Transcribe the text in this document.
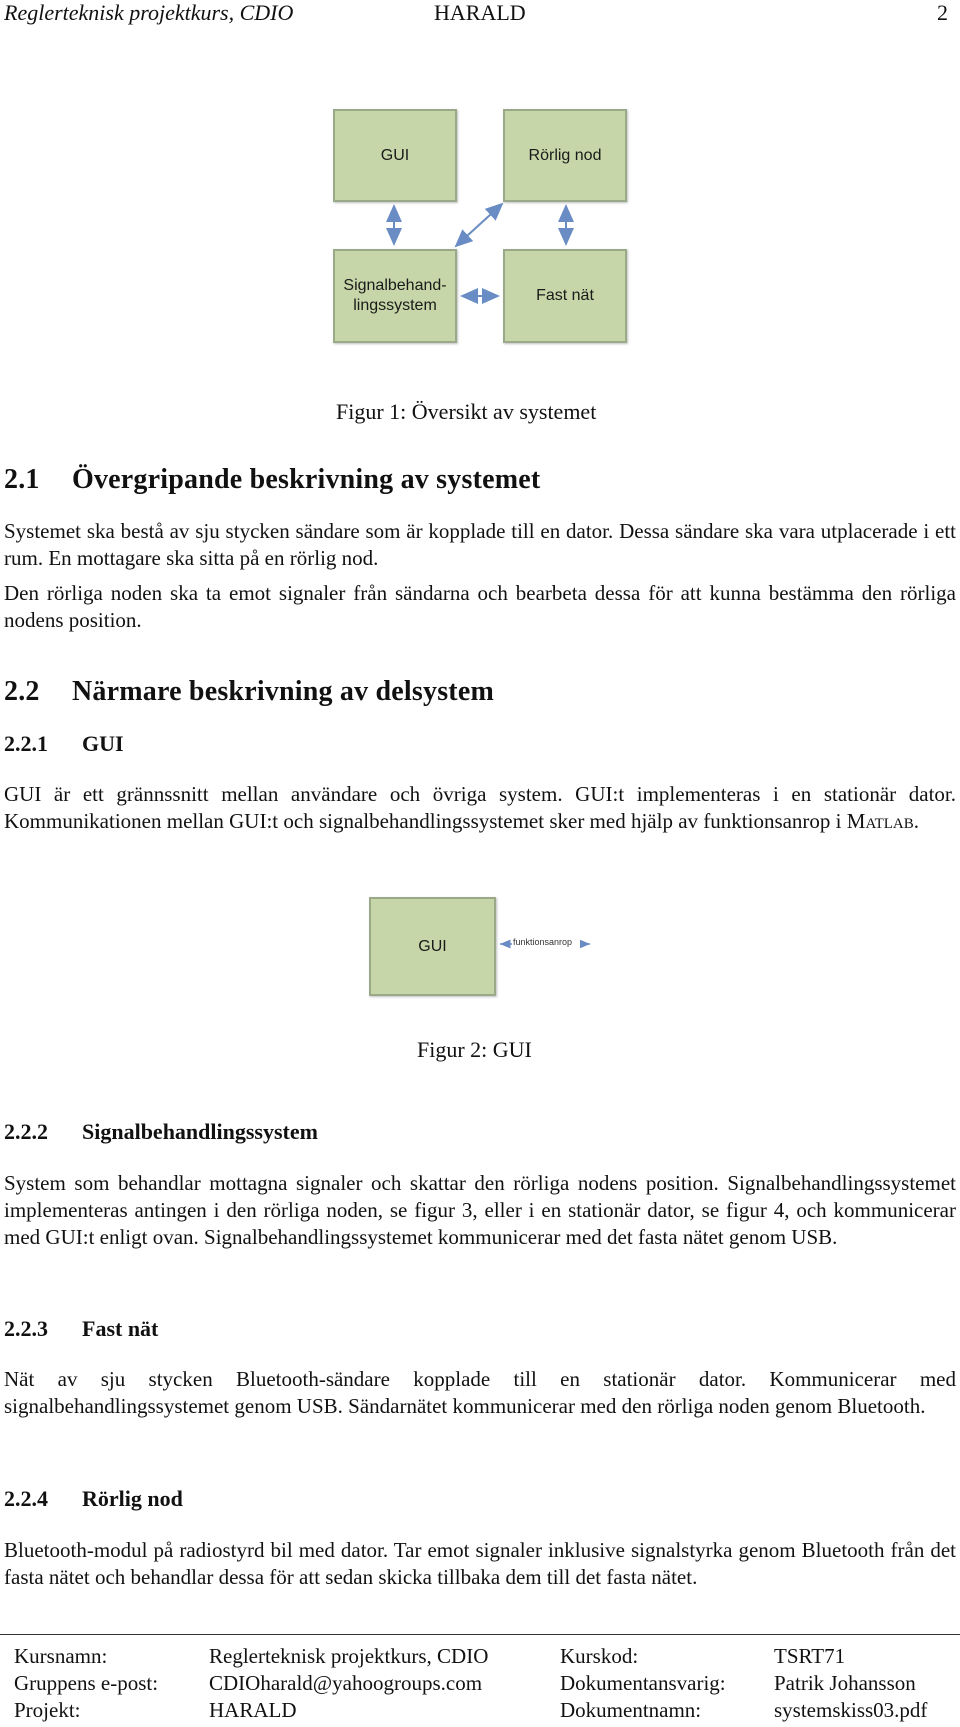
Reglerteknisk projektkurs, CDIO	HARALD	2
GUI	Rörlig nod
Signalbehand-
lingssystem
Fast nät
Figur 1: Översikt av systemet
2.1 Övergripande beskrivning av systemet

Systemet ska bestå av sju stycken sändare som är kopplade till en dator. Dessa sändare ska vara utplacerade i ett rum. En mottagare ska sitta på en rörlig nod.

Den rörliga noden ska ta emot signaler från sändarna och bearbeta dessa för att kunna bestämma den rörliga nodens position.

2.2 Närmare beskrivning av delsystem
2.2.1 GUI

GUI är ett grännssnitt mellan användare och övriga system. GUI:t implementeras i en stationär dator. Kommunikationen mellan GUI:t och signalbehandlingssystemet sker med hjälp av funktionsanrop i Matlab.

GUI	funktionsanrop
Figur 2: GUI
2.2.2 Signalbehandlingssystem

System som behandlar mottagna signaler och skattar den rörliga nodens position. Signalbehandlingssystemet implementeras antingen i den rörliga noden, se figur 3, eller i en stationär dator, se figur 4, och kommunicerar med GUI:t enligt ovan. Signalbehandlingssystemet kommunicerar med det fasta nätet genom USB.

2.2.3 Fast nät

Nät av sju stycken Bluetooth-sändare kopplade till en stationär dator. Kommunicerar med signalbehandlingssystemet genom USB. Sändarnätet kommunicerar med den rörliga noden genom Bluetooth.

2.2.4 Rörlig nod

Bluetooth-modul på radiostyrd bil med dator. Tar emot signaler inklusive signalstyrka genom Bluetooth från det fasta nätet och behandlar dessa för att sedan skicka tillbaka dem till det fasta nätet.

Kursnamn:	Reglerteknisk projektkurs, CDIO	Kurskod:	TSRT71
Gruppens e-post: CDIOharald@yahoogroups.com	Dokumentansvarig: Patrik Johansson
Projekt:	HARALD	Dokumentnamn:	systemskiss03.pdf
